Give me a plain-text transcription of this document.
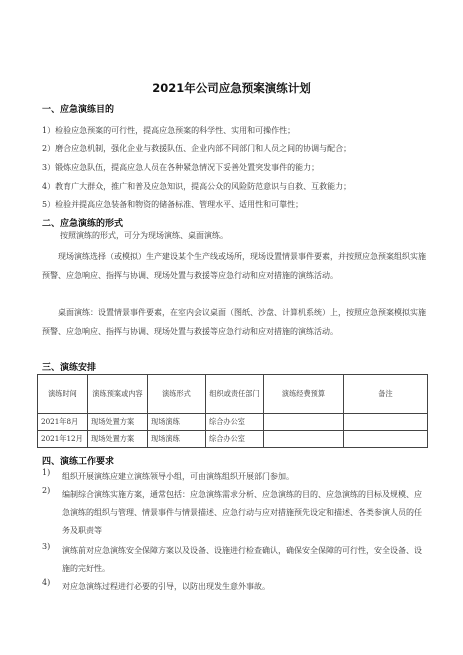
2021年公司应急预案演练计划
一、应急演练目的
1）检验应急预案的可行性，提高应急预案的科学性、实用和可操作性；
2）磨合应急机制，强化企业与救援队伍、企业内部不同部门和人员之间的协调与配合；
3）锻炼应急队伍，提高应急人员在各种紧急情况下妥善处置突发事件的能力；
4）教育广大群众，推广和普及应急知识，提高公众的风险防范意识与自救、互救能力；
5）检验并提高应急装备和物资的储备标准、管理水平、适用性和可靠性；
二、应急演练的形式
按照演练的形式，可分为现场演练、桌面演练。
现场演练选择（或模拟）生产建设某个生产线或场所，现场设置情景事件要素，并按照应急预案组织实施预警、应急响应、指挥与协调、现场处置与救援等应急行动和应对措施的演练活动。
桌面演练：设置情景事件要素，在室内会议桌面（图纸、沙盘、计算机系统）上，按照应急预案模拟实施预警、应急响应、指挥与协调、现场处置与救援等应急行动和应对措施的演练活动。
三、演练安排
演练时间	演练预案或内容	演练形式	组织或责任部门	演练经费预算	备注
2021年8月	现场处置方案	现场演练	综合办公室		
2021年12月	现场处置方案	现场演练	综合办公室		
四、演练工作要求
1) 组织开展演练应建立演练领导小组，可由演练组织开展部门参加。
2) 编制综合演练实施方案，通常包括：应急演练需求分析、应急演练的目的、应急演练的目标及规模、应急演练的组织与管理、情景事件与情景描述、应急行动与应对措施预先设定和描述、各类参演人员的任务及职责等
3) 演练前对应急演练安全保障方案以及设备、设施进行检查确认，确保安全保障的可行性，安全设备、设施的完好性。
4) 对应急演练过程进行必要的引导，以防出现发生意外事故。
